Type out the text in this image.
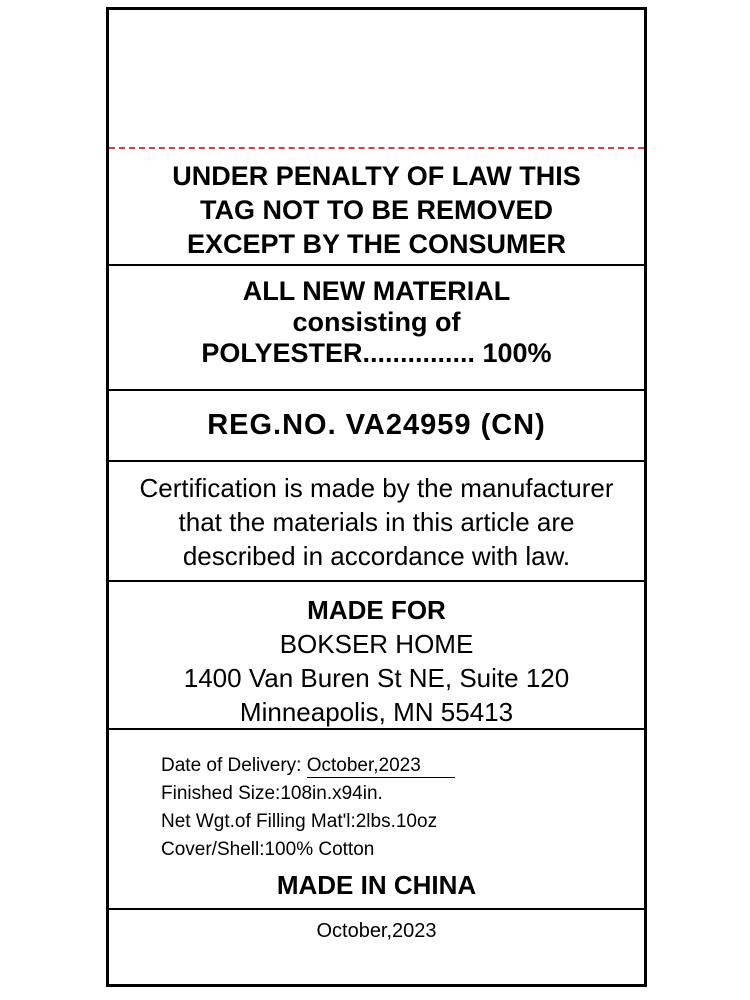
UNDER PENALTY OF LAW THIS
TAG NOT TO BE REMOVED
EXCEPT BY THE CONSUMER
ALL NEW MATERIAL
consisting of
POLYESTER............... 100%
REG.NO. VA24959 (CN)
Certification is made by the manufacturer
that the materials in this article are
described in accordance with law.
MADE FOR
BOKSER HOME
1400 Van Buren St NE, Suite 120
Minneapolis, MN 55413
Date of Delivery: October,2023
Finished Size:108in.x94in.
Net Wgt.of Filling Mat'l:2lbs.10oz
Cover/Shell:100% Cotton
MADE IN CHINA
October,2023
